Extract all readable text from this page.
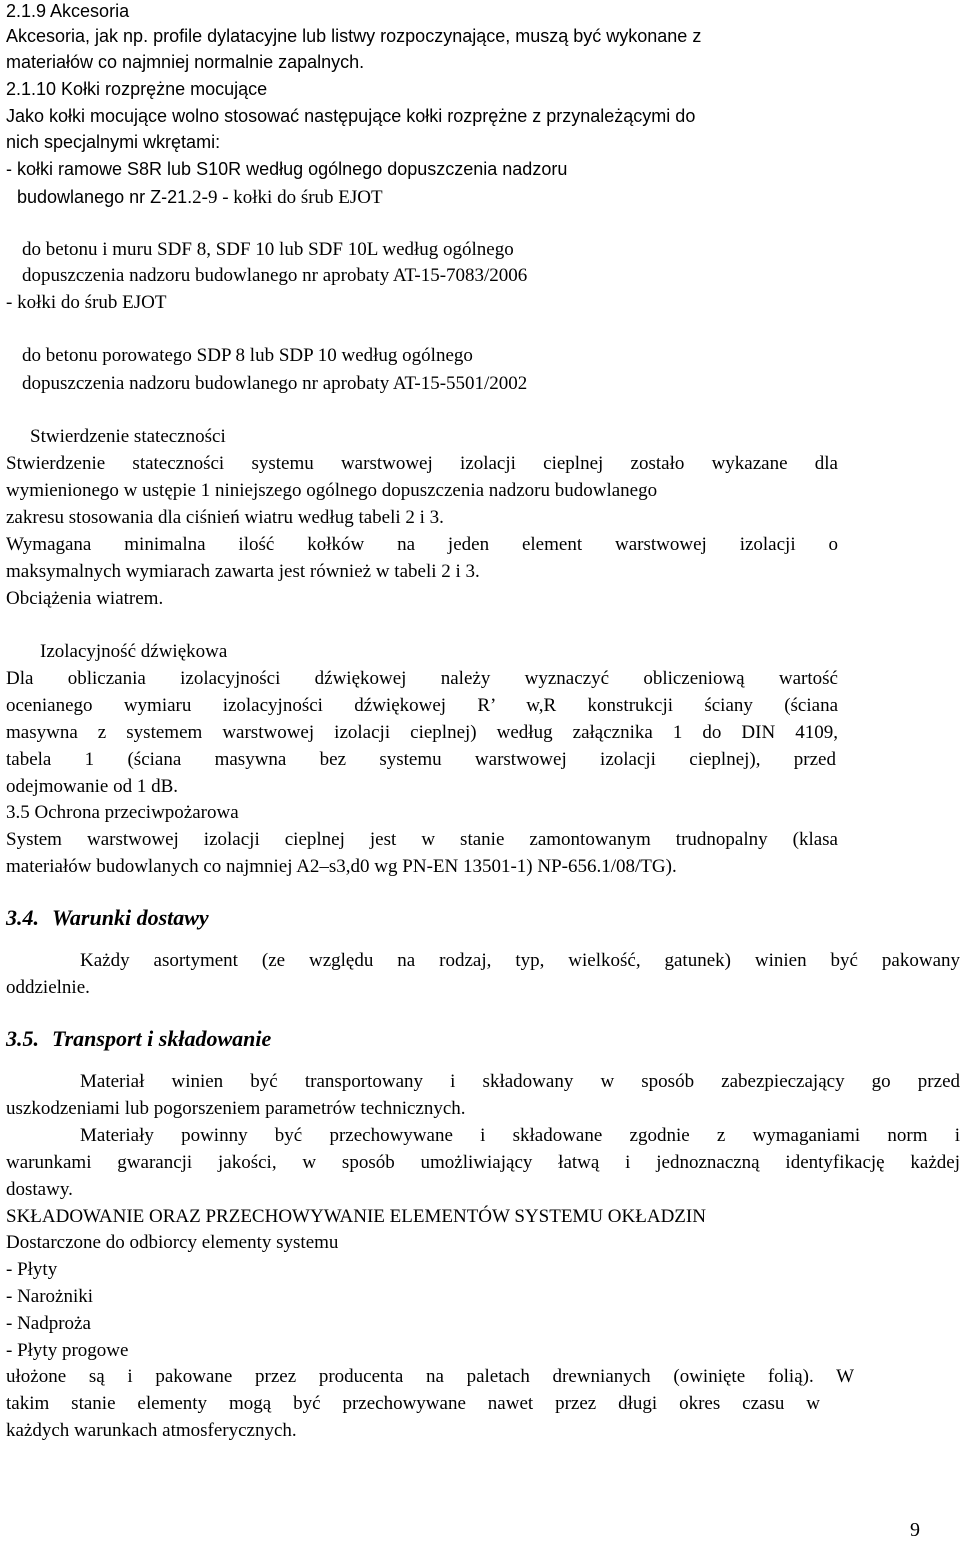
2.1.9 Akcesoria

Akcesoria, jak np. profile dylatacyjne lub listwy rozpoczynające, muszą być wykonane z

materiałów co najmniej normalnie zapalnych.

2.1.10 Kołki rozprężne mocujące

Jako kołki mocujące wolno stosować następujące kołki rozprężne z przynależącymi do

nich specjalnymi wkrętami:

- kołki ramowe S8R lub S10R według ogólnego dopuszczenia nadzoru

budowlanego nr Z-21.2-9 - kołki do śrub EJOT

do betonu i muru SDF 8, SDF 10 lub SDF 10L według ogólnego

dopuszczenia nadzoru budowlanego nr aprobaty AT-15-7083/2006

- kołki do śrub EJOT

do betonu porowatego SDP 8 lub SDP 10 według ogólnego

dopuszczenia nadzoru budowlanego nr aprobaty AT-15-5501/2002

Stwierdzenie stateczności

Stwierdzenie stateczności systemu warstwowej izolacji cieplnej zostało wykazane dla

wymienionego w ustępie 1 niniejszego ogólnego dopuszczenia nadzoru budowlanego

zakresu stosowania dla ciśnień wiatru według tabeli 2 i 3.

Wymagana minimalna ilość kołków na jeden element warstwowej izolacji o

maksymalnych wymiarach zawarta jest również w tabeli 2 i 3.

Obciążenia wiatrem.

Izolacyjność dźwiękowa

Dla obliczania izolacyjności dźwiękowej należy wyznaczyć obliczeniową wartość

ocenianego wymiaru izolacyjności dźwiękowej R’ w,R konstrukcji ściany (ściana

masywna z systemem warstwowej izolacji cieplnej) według załącznika 1 do DIN 4109,

tabela 1 (ściana masywna bez systemu warstwowej izolacji cieplnej), przed

odejmowanie od 1 dB.

3.5 Ochrona przeciwpożarowa

System warstwowej izolacji cieplnej jest w stanie zamontowanym trudnopalny (klasa

materiałów budowlanych co najmniej A2–s3,d0 wg PN-EN 13501-1) NP-656.1/08/TG).

3.4. Warunki dostawy

Każdy asortyment (ze względu na rodzaj, typ, wielkość, gatunek) winien być pakowany

oddzielnie.

3.5. Transport i składowanie

Materiał winien być transportowany i składowany w sposób zabezpieczający go przed

uszkodzeniami lub pogorszeniem parametrów technicznych.

Materiały powinny być przechowywane i składowane zgodnie z wymaganiami norm i

warunkami gwarancji jakości, w sposób umożliwiający łatwą i jednoznaczną identyfikację każdej

dostawy.

SKŁADOWANIE ORAZ PRZECHOWYWANIE ELEMENTÓW SYSTEMU OKŁADZIN

Dostarczone do odbiorcy elementy systemu

- Płyty

- Narożniki

- Nadproża

- Płyty progowe

ułożone są i pakowane przez producenta na paletach drewnianych (owinięte folią). W

takim stanie elementy mogą być przechowywane nawet przez długi okres czasu w

każdych warunkach atmosferycznych.

9
